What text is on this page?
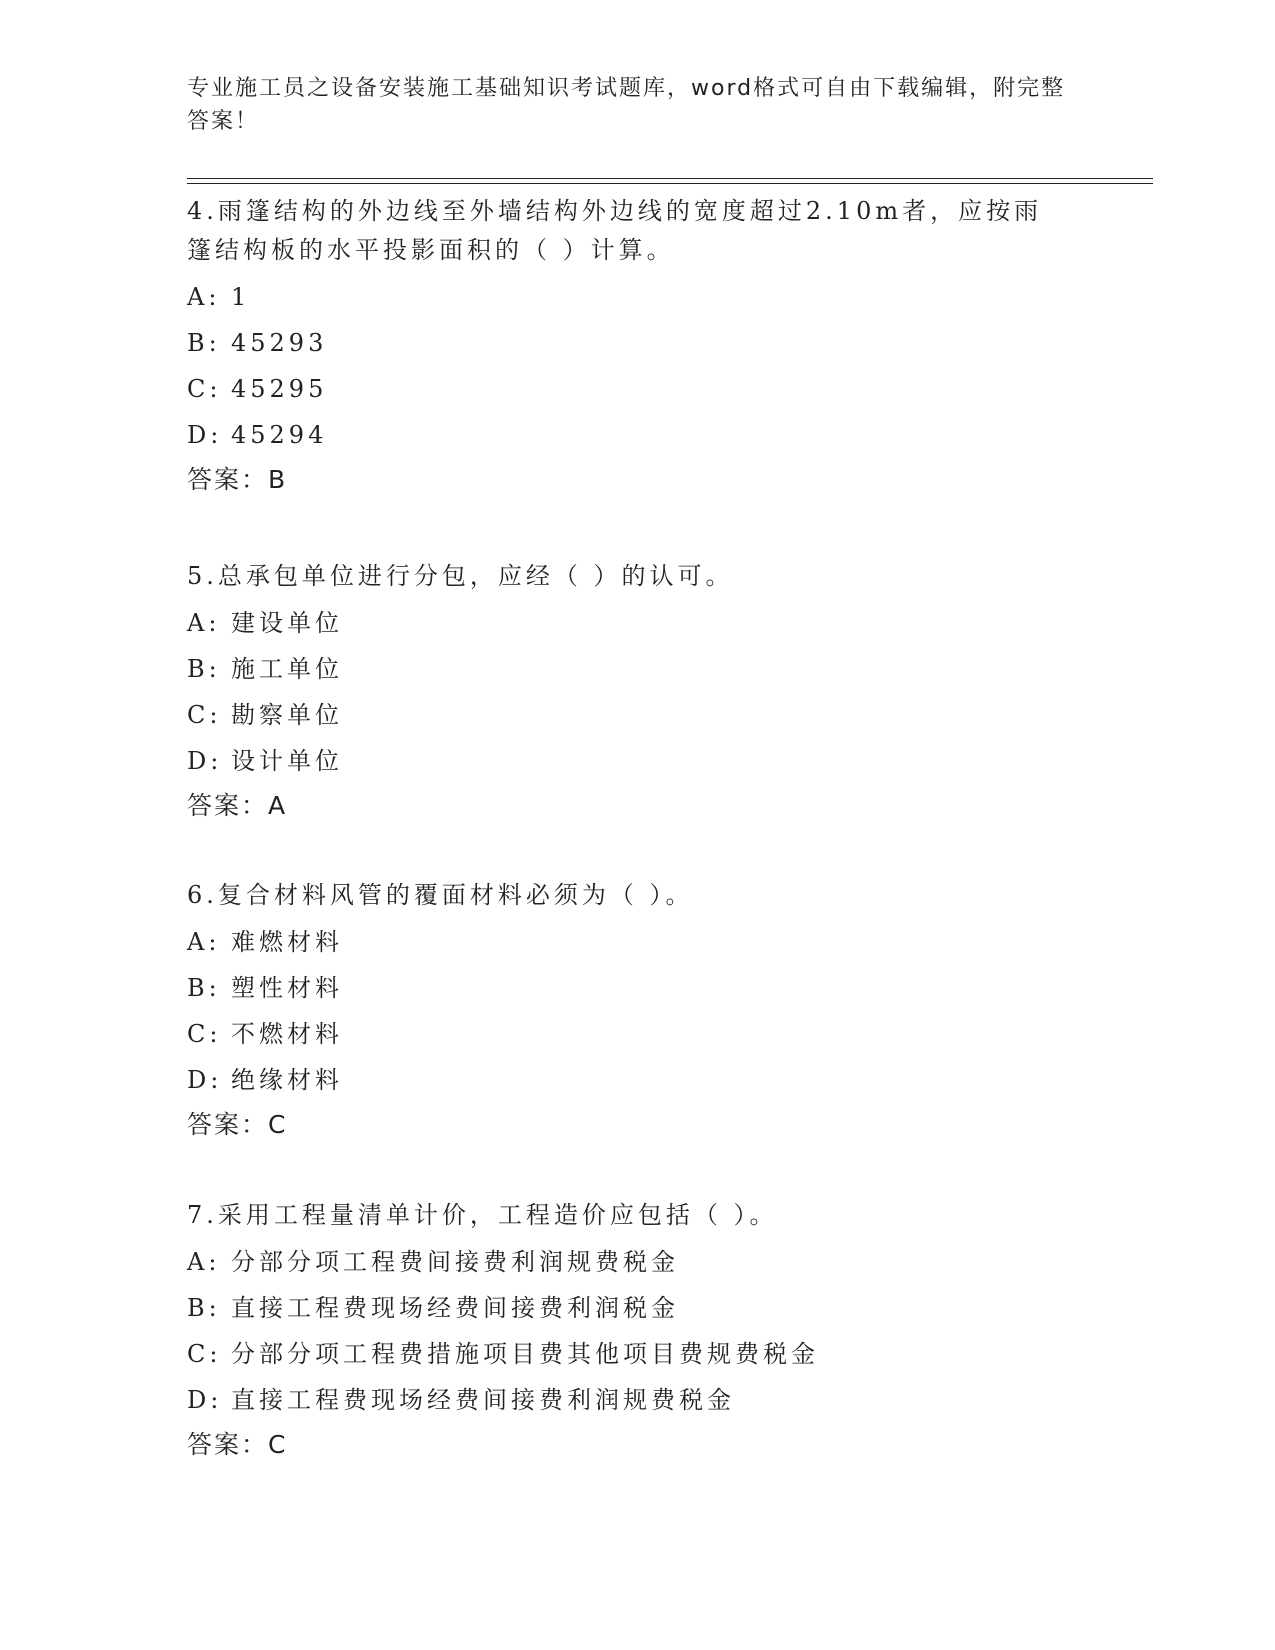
专业施工员之设备安装施工基础知识考试题库，word格式可自由下载编辑，附完整答案！

4.雨篷结构的外边线至外墙结构外边线的宽度超过2.10m者，应按雨篷结构板的水平投影面积的（ ）计算。

A: 1
B: 45293
C: 45295
D: 45294
答案：B

5.总承包单位进行分包，应经（ ）的认可。

A: 建设单位
B: 施工单位
C: 勘察单位
D: 设计单位
答案：A

6.复合材料风管的覆面材料必须为（ ）。

A: 难燃材料
B: 塑性材料
C: 不燃材料
D: 绝缘材料
答案：C

7.采用工程量清单计价，工程造价应包括（ ）。

A: 分部分项工程费间接费利润规费税金
B: 直接工程费现场经费间接费利润税金
C: 分部分项工程费措施项目费其他项目费规费税金
D: 直接工程费现场经费间接费利润规费税金
答案：C
